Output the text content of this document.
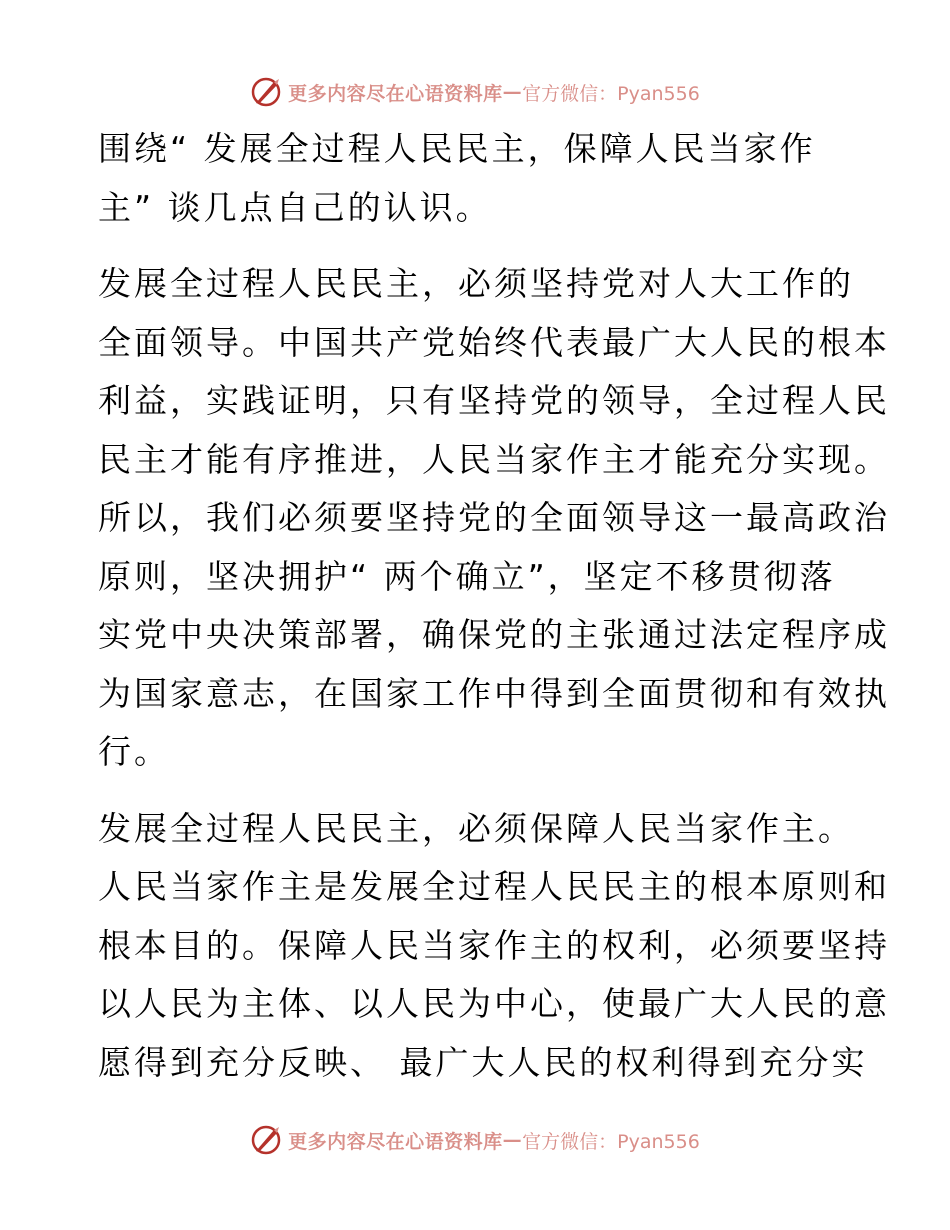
更多内容尽在心语资料库 — 官方微信：Pyan556
围绕“ 发展全过程人民民主，保障人民当家作
主” 谈几点自己的认识。
发展全过程人民民主，必须坚持党对人大工作的
全面领导。中国共产党始终代表最广大人民的根本
利益，实践证明，只有坚持党的领导，全过程人民
民主才能有序推进，人民当家作主才能充分实现。
所以，我们必须要坚持党的全面领导这一最高政治
原则，坚决拥护“ 两个确立”，坚定不移贯彻落
实党中央决策部署，确保党的主张通过法定程序成
为国家意志，在国家工作中得到全面贯彻和有效执
行。
发展全过程人民民主，必须保障人民当家作主。
人民当家作主是发展全过程人民民主的根本原则和
根本目的。保障人民当家作主的权利，必须要坚持
以人民为主体、以人民为中心，使最广大人民的意
愿得到充分反映、 最广大人民的权利得到充分实
更多内容尽在心语资料库 — 官方微信：Pyan556
